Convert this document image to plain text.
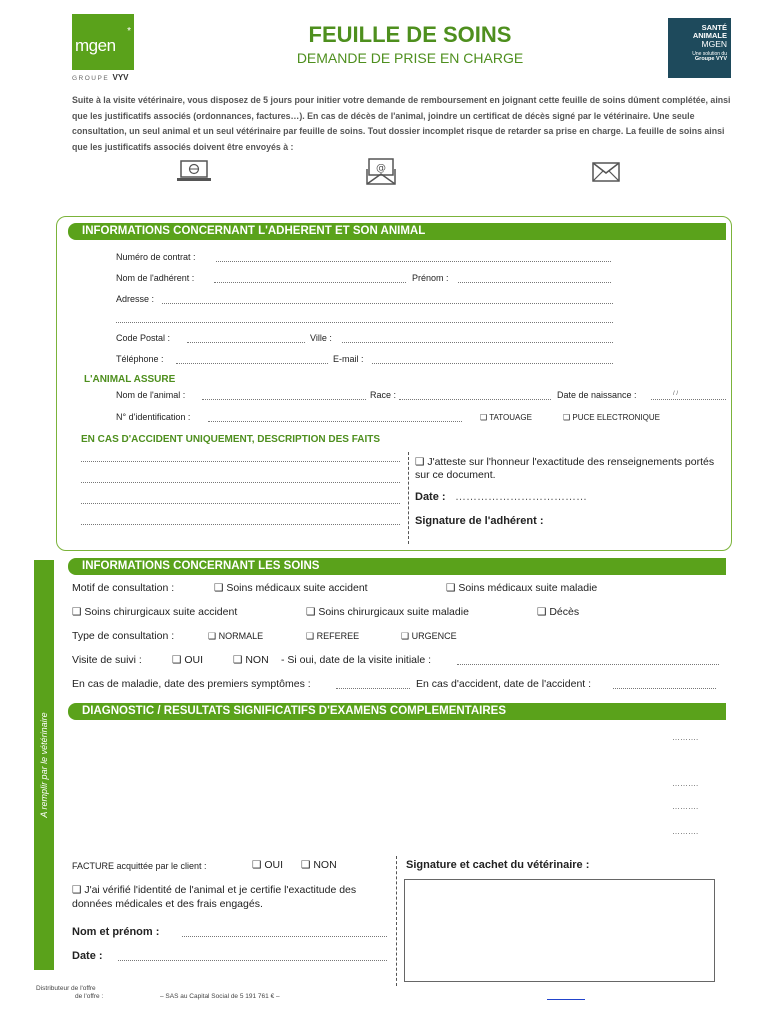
mgen
*
GROUPE VYV
FEUILLE DE SOINS
DEMANDE DE PRISE EN CHARGE
SANTÉ
ANIMALE
MGEN
Une solution du
Groupe VYV
Suite à la visite vétérinaire, vous disposez de 5 jours pour initier votre demande de remboursement en joignant cette feuille de soins dûment complétée, ainsi que les justificatifs associés (ordonnances, factures…). En cas de décès de l'animal, joindre un certificat de décès signé par le vétérinaire. Une seule consultation, un seul animal et un seul vétérinaire par feuille de soins. Tout dossier incomplet risque de retarder sa prise en charge. La feuille de soins ainsi que les justificatifs associés doivent être envoyés à :
@
INFORMATIONS CONCERNANT L'ADHERENT ET SON ANIMAL
Numéro de contrat :
Nom de l'adhérent :	Prénom :
Adresse :
Code Postal :	Ville :
Téléphone :	E-mail :
L'ANIMAL ASSURE
Nom de l'animal :	Race :	Date de naissance :	/ /
N° d'identification :	❑ TATOUAGE	❑ PUCE ELECTRONIQUE
EN CAS D'ACCIDENT UNIQUEMENT, DESCRIPTION DES FAITS
❑ J'atteste sur l'honneur l'exactitude des renseignements portés sur ce document.
Date : ………………………………
Signature de l'adhérent :
A remplir par le vétérinaire
INFORMATIONS CONCERNANT LES SOINS
Motif de consultation :	❑ Soins médicaux suite accident	❑ Soins médicaux suite maladie
❑ Soins chirurgicaux suite accident	❑ Soins chirurgicaux suite maladie	❑ Décès
Type de consultation :	❑ NORMALE	❑ REFEREE	❑ URGENCE
Visite de suivi :	❑ OUI	❑ NON - Si oui, date de la visite initiale :
En cas de maladie, date des premiers symptômes :	En cas d'accident, date de l'accident :
DIAGNOSTIC / RESULTATS SIGNIFICATIFS D'EXAMENS COMPLEMENTAIRES
……….
……….
……….
……….
FACTURE acquittée par le client :	❑ OUI ❑ NON	Signature et cachet du vétérinaire :
❑ J'ai vérifié l'identité de l'animal et je certifie l'exactitude des données médicales et des frais engagés.
Nom et prénom :
Date :
Distributeur de l'offre
de l'offre :	– SAS au Capital Social de 5 191 761 € –
